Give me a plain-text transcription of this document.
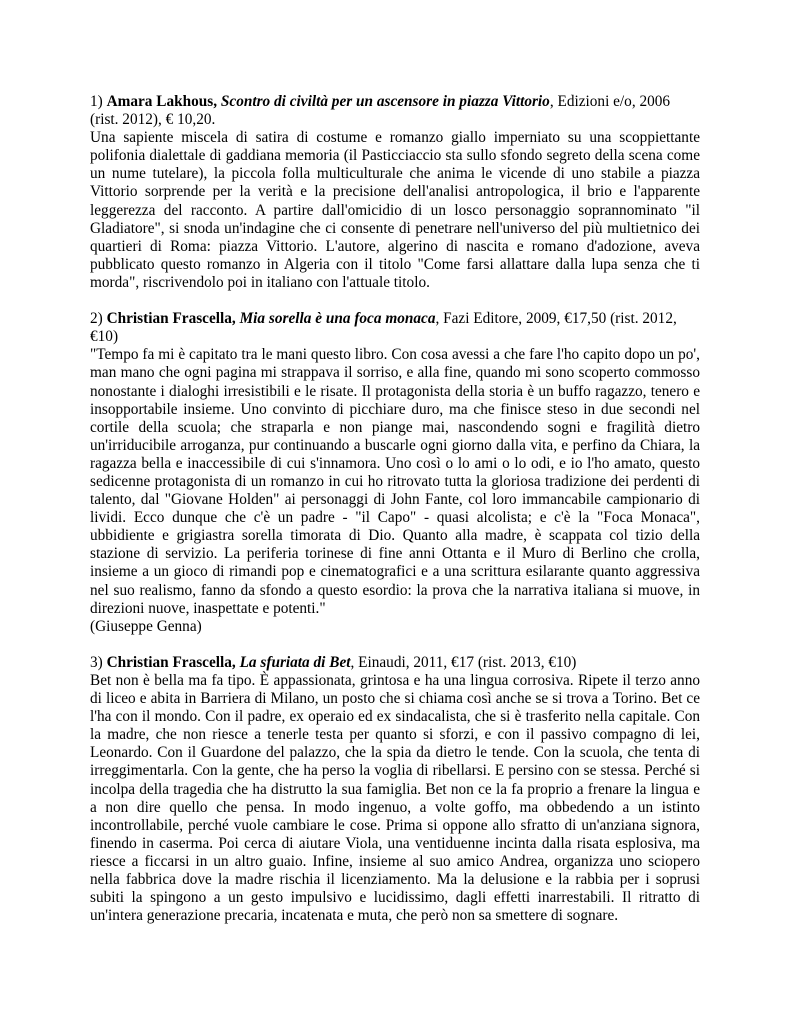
1) Amara Lakhous, Scontro di civiltà per un ascensore in piazza Vittorio, Edizioni e/o, 2006 (rist. 2012), € 10,20.

Una sapiente miscela di satira di costume e romanzo giallo imperniato su una scoppiettante polifonia dialettale di gaddiana memoria (il Pasticciaccio sta sullo sfondo segreto della scena come un nume tutelare), la piccola folla multiculturale che anima le vicende di uno stabile a piazza Vittorio sorprende per la verità e la precisione dell'analisi antropologica, il brio e l'apparente leggerezza del racconto. A partire dall'omicidio di un losco personaggio soprannominato "il Gladiatore", si snoda un'indagine che ci consente di penetrare nell'universo del più multietnico dei quartieri di Roma: piazza Vittorio. L'autore, algerino di nascita e romano d'adozione, aveva pubblicato questo romanzo in Algeria con il titolo "Come farsi allattare dalla lupa senza che ti morda", riscrivendolo poi in italiano con l'attuale titolo.

2) Christian Frascella, Mia sorella è una foca monaca, Fazi Editore, 2009, €17,50 (rist. 2012, €10)

"Tempo fa mi è capitato tra le mani questo libro. Con cosa avessi a che fare l'ho capito dopo un po', man mano che ogni pagina mi strappava il sorriso, e alla fine, quando mi sono scoperto commosso nonostante i dialoghi irresistibili e le risate. Il protagonista della storia è un buffo ragazzo, tenero e insopportabile insieme. Uno convinto di picchiare duro, ma che finisce steso in due secondi nel cortile della scuola; che straparla e non piange mai, nascondendo sogni e fragilità dietro un'irriducibile arroganza, pur continuando a buscarle ogni giorno dalla vita, e perfino da Chiara, la ragazza bella e inaccessibile di cui s'innamora. Uno così o lo ami o lo odi, e io l'ho amato, questo sedicenne protagonista di un romanzo in cui ho ritrovato tutta la gloriosa tradizione dei perdenti di talento, dal "Giovane Holden" ai personaggi di John Fante, col loro immancabile campionario di lividi. Ecco dunque che c'è un padre - "il Capo" - quasi alcolista; e c'è la "Foca Monaca", ubbidiente e grigiastra sorella timorata di Dio. Quanto alla madre, è scappata col tizio della stazione di servizio. La periferia torinese di fine anni Ottanta e il Muro di Berlino che crolla, insieme a un gioco di rimandi pop e cinematografici e a una scrittura esilarante quanto aggressiva nel suo realismo, fanno da sfondo a questo esordio: la prova che la narrativa italiana si muove, in direzioni nuove, inaspettate e potenti."

(Giuseppe Genna)

3) Christian Frascella, La sfuriata di Bet, Einaudi, 2011, €17 (rist. 2013, €10)

Bet non è bella ma fa tipo. È appassionata, grintosa e ha una lingua corrosiva. Ripete il terzo anno di liceo e abita in Barriera di Milano, un posto che si chiama così anche se si trova a Torino. Bet ce l'ha con il mondo. Con il padre, ex operaio ed ex sindacalista, che si è trasferito nella capitale. Con la madre, che non riesce a tenerle testa per quanto si sforzi, e con il passivo compagno di lei, Leonardo. Con il Guardone del palazzo, che la spia da dietro le tende. Con la scuola, che tenta di irreggimentarla. Con la gente, che ha perso la voglia di ribellarsi. E persino con se stessa. Perché si incolpa della tragedia che ha distrutto la sua famiglia. Bet non ce la fa proprio a frenare la lingua e a non dire quello che pensa. In modo ingenuo, a volte goffo, ma obbedendo a un istinto incontrollabile, perché vuole cambiare le cose. Prima si oppone allo sfratto di un'anziana signora, finendo in caserma. Poi cerca di aiutare Viola, una ventiduenne incinta dalla risata esplosiva, ma riesce a ficcarsi in un altro guaio. Infine, insieme al suo amico Andrea, organizza uno sciopero nella fabbrica dove la madre rischia il licenziamento. Ma la delusione e la rabbia per i soprusi subiti la spingono a un gesto impulsivo e lucidissimo, dagli effetti inarrestabili. Il ritratto di un'intera generazione precaria, incatenata e muta, che però non sa smettere di sognare.
